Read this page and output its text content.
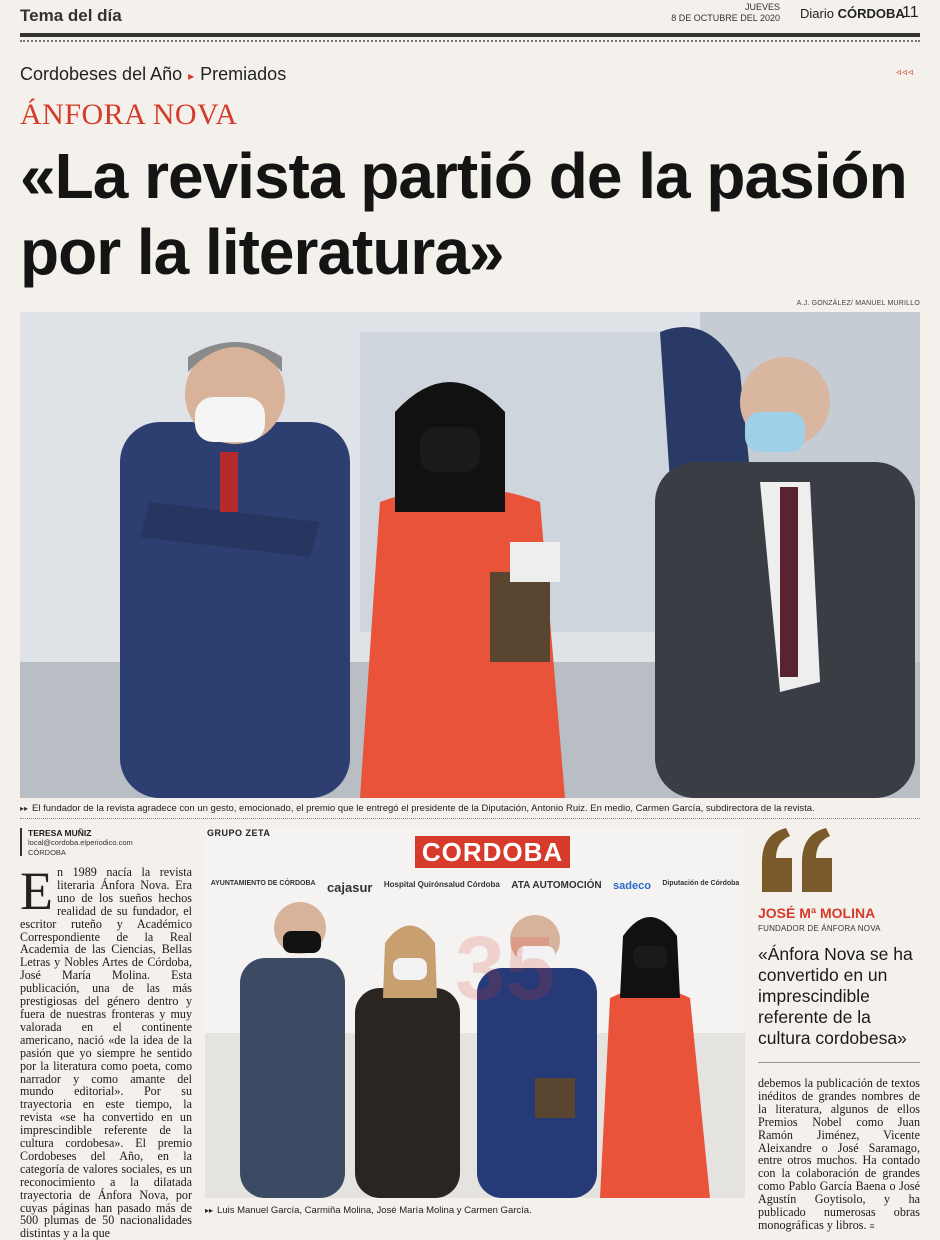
Tema del día	JUEVES
8 DE OCTUBRE DEL 2020 Diario CÓRDOBA
11
Cordobeses del Año ▸ Premiados	◃◃◃
ÁNFORA NOVA
«La revista partió de la pasión por la literatura»
A.J. GONZÁLEZ/ MANUEL MURILLO
▸▸ El fundador de la revista agradece con un gesto, emocionado, el premio que le entregó el presidente de la Diputación, Antonio Ruiz. En medio, Carmen García, subdirectora de la revista.
TERESA MUÑIZ
local@cordoba.elperiodico.com
CÓRDOBA
En 1989 nacía la revista literaria Ánfora Nova. Era uno de los sueños hechos realidad de su fundador, el escritor ruteño y Académico Correspondiente de la Real Academia de las Ciencias, Bellas Letras y Nobles Artes de Córdoba, José María Molina. Esta publicación, una de las más prestigiosas del género dentro y fuera de nuestras fronteras y muy valorada en el continente americano, nació «de la idea de la pasión que yo siempre he sentido por la literatura como poeta, como narrador y como amante del mundo editorial». Por su trayectoria en este tiempo, la revista «se ha convertido en un imprescindible referente de la cultura cordobesa». El premio Cordobeses del Año, en la categoría de valores sociales, es un reconocimiento a la dilatada trayectoria de Ánfora Nova, por cuyas páginas han pasado más de 500 plumas de 50 nacionalidades distintas y a la que
GRUPO ZETA
CORDOBA
AYUNTAMIENTO DE CÓRDOBA cajasur Hospital Quirónsalud Córdoba ATA AUTOMOCIÓN sadeco Diputación de Córdoba
35
▸▸ Luis Manuel García, Carmiña Molina, José María Molina y Carmen García.
JOSÉ Mª MOLINA
FUNDADOR DE ÁNFORA NOVA
«Ánfora Nova se ha convertido en un imprescindible referente de la cultura cordobesa»
debemos la publicación de textos inéditos de grandes nombres de la literatura, algunos de ellos Premios Nobel como Juan Ramón Jiménez, Vicente Aleixandre o José Saramago, entre otros muchos. Ha contado con la colaboración de grandes como Pablo García Baena o José Agustín Goytisolo, y ha publicado numerosas obras monográficas y libros. ≡
